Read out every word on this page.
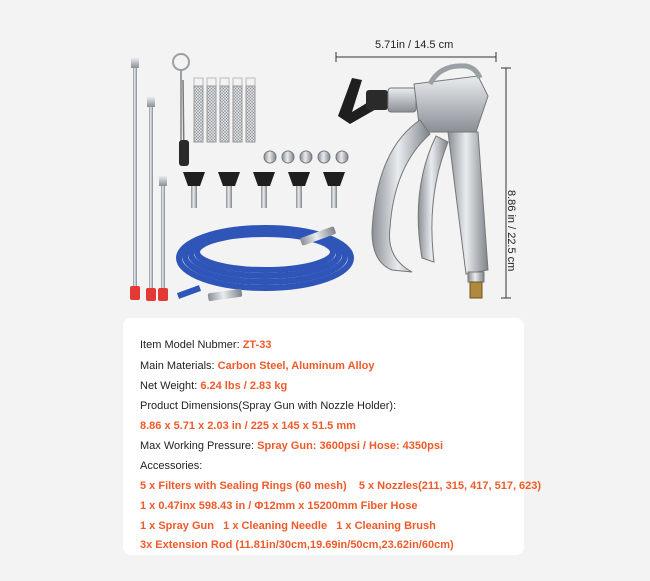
5.71in / 14.5 cm
8.86 in / 22.5 cm
Item Model Nubmer: ZT-33
Main Materials: Carbon Steel, Aluminum Alloy
Net Weight: 6.24 lbs / 2.83 kg
Product Dimensions(Spray Gun with Nozzle Holder):
8.86 x 5.71 x 2.03 in / 225 x 145 x 51.5 mm
Max Working Pressure: Spray Gun: 3600psi / Hose: 4350psi
Accessories:
5 x Filters with Sealing Rings (60 mesh)    5 x Nozzles(211, 315, 417, 517, 623)
1 x 0.47inx 598.43 in / Φ12mm x 15200mm Fiber Hose
1 x Spray Gun   1 x Cleaning Needle   1 x Cleaning Brush
3x Extension Rod (11.81in/30cm,19.69in/50cm,23.62in/60cm)
